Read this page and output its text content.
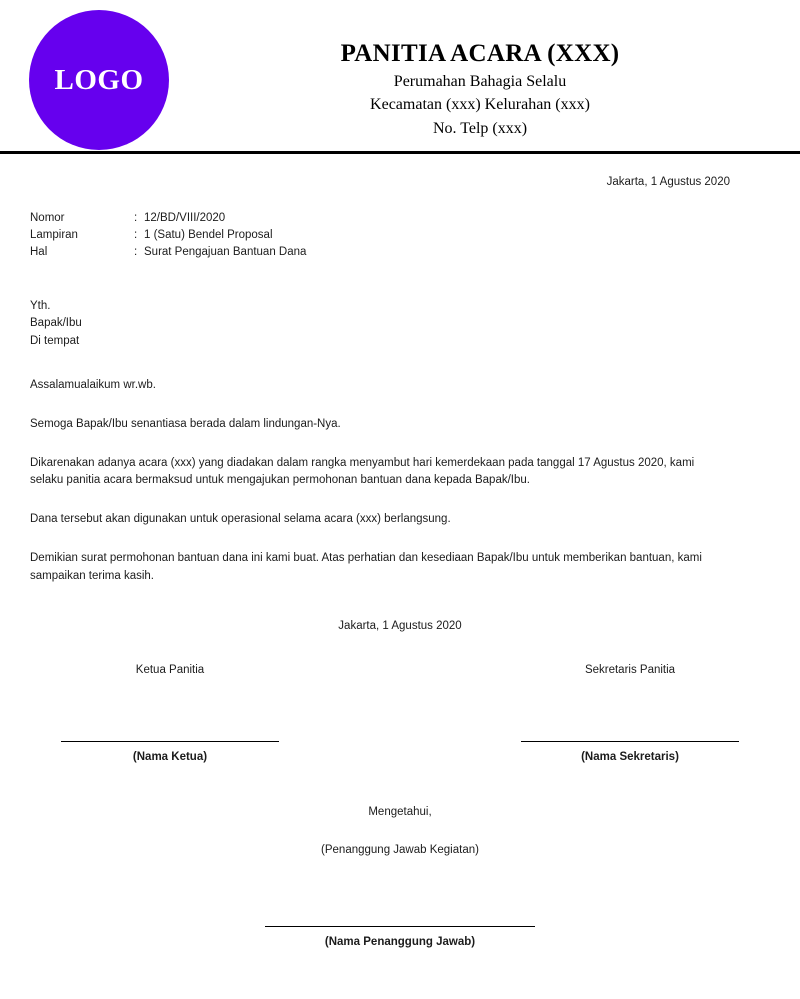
LOGO
PANITIA ACARA (XXX)
Perumahan Bahagia Selalu
Kecamatan (xxx) Kelurahan (xxx)
No. Telp (xxx)
Jakarta, 1 Agustus 2020
Nomor	: 12/BD/VIII/2020
Lampiran	: 1 (Satu) Bendel Proposal
Hal	: Surat Pengajuan Bantuan Dana
Yth.
Bapak/Ibu
Di tempat
Assalamualaikum wr.wb.
Semoga Bapak/Ibu senantiasa berada dalam lindungan-Nya.
Dikarenakan adanya acara (xxx) yang diadakan dalam rangka menyambut hari kemerdekaan pada tanggal 17 Agustus 2020, kami selaku panitia acara bermaksud untuk mengajukan permohonan bantuan dana kepada Bapak/Ibu.
Dana tersebut akan digunakan untuk operasional selama acara (xxx) berlangsung.
Demikian surat permohonan bantuan dana ini kami buat. Atas perhatian dan kesediaan Bapak/Ibu untuk memberikan bantuan, kami sampaikan terima kasih.
Jakarta, 1 Agustus 2020
Ketua Panitia
(Nama Ketua)
Sekretaris Panitia
(Nama Sekretaris)
Mengetahui,
(Penanggung Jawab Kegiatan)
(Nama Penanggung Jawab)
